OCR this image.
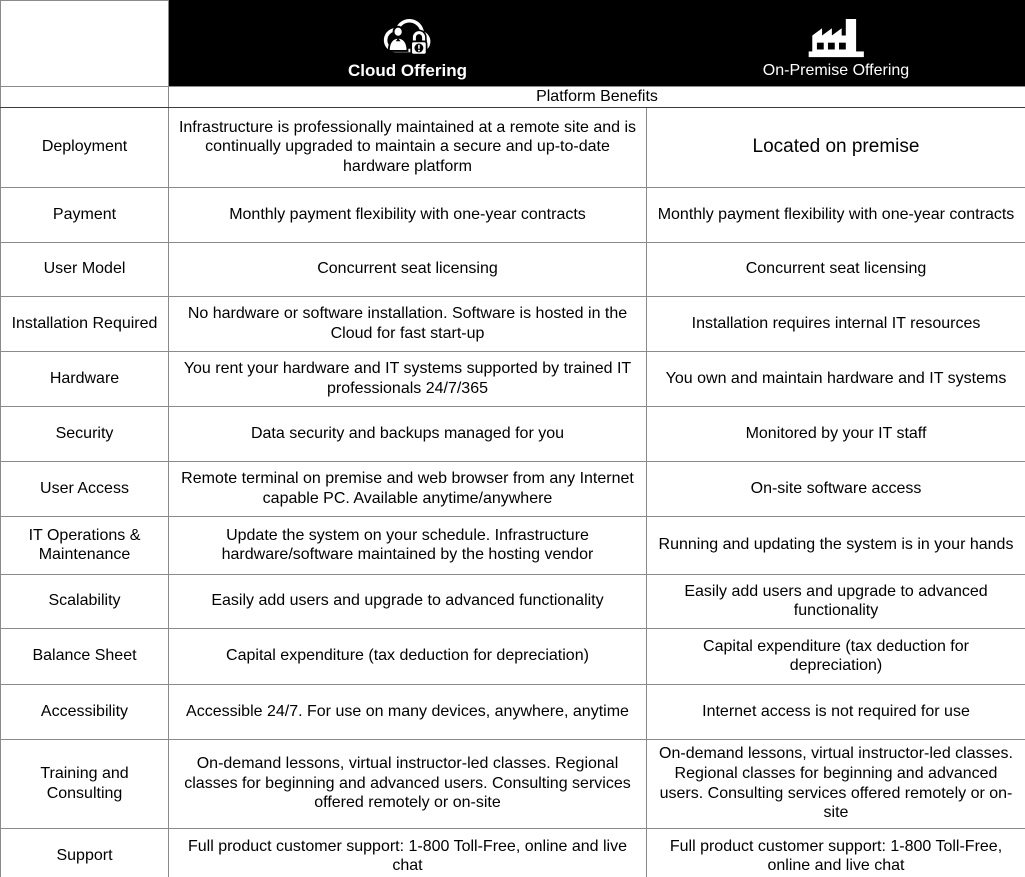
	Cloud Offering	On-Premise Offering

	Platform Benefits	
Deployment	Infrastructure is professionally maintained at a remote site and is continually upgraded to maintain a secure and up-to-date hardware platform	Located on premise
Payment	Monthly payment flexibility with one-year contracts	Monthly payment flexibility with one-year contracts
User Model	Concurrent seat licensing	Concurrent seat licensing
Installation Required	No hardware or software installation. Software is hosted in the Cloud for fast start-up	Installation requires internal IT resources
Hardware	You rent your hardware and IT systems supported by trained IT professionals 24/7/365	You own and maintain hardware and IT systems
Security	Data security and backups managed for you	Monitored by your IT staff
User Access	Remote terminal on premise and web browser from any Internet capable PC. Available anytime/anywhere	On-site software access
IT Operations & Maintenance	Update the system on your schedule. Infrastructure hardware/software maintained by the hosting vendor	Running and updating the system is in your hands
Scalability	Easily add users and upgrade to advanced functionality	Easily add users and upgrade to advanced functionality
Balance Sheet	Capital expenditure (tax deduction for depreciation)	Capital expenditure (tax deduction for depreciation)
Accessibility	Accessible 24/7. For use on many devices, anywhere, anytime	Internet access is not required for use
Training and Consulting	On-demand lessons, virtual instructor-led classes. Regional classes for beginning and advanced users. Consulting services offered remotely or on-site	On-demand lessons, virtual instructor-led classes. Regional classes for beginning and advanced users. Consulting services offered remotely or on-site
Support	Full product customer support: 1-800 Toll-Free, online and live chat	Full product customer support: 1-800 Toll-Free, online and live chat
